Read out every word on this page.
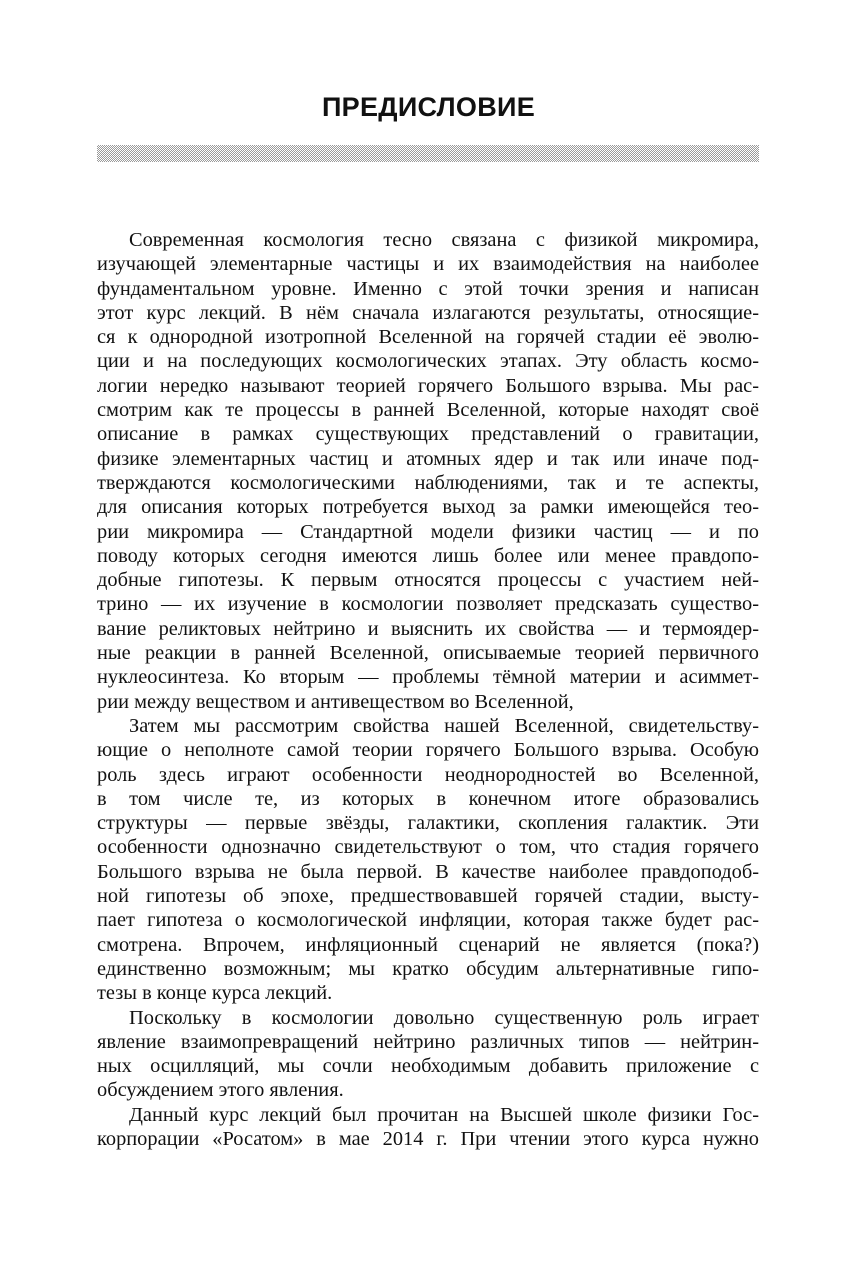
ПРЕДИСЛОВИЕ

Современная космология тесно связана с физикой микромира,
изучающей элементарные частицы и их взаимодействия на наиболее
фундаментальном уровне. Именно с этой точки зрения и написан
этот курс лекций. В нём сначала излагаются результаты, относящие-
ся к однородной изотропной Вселенной на горячей стадии её эволю-
ции и на последующих космологических этапах. Эту область космо-
логии нередко называют теорией горячего Большого взрыва. Мы рас-
смотрим как те процессы в ранней Вселенной, которые находят своё
описание в рамках существующих представлений о гравитации,
физике элементарных частиц и атомных ядер и так или иначе под-
тверждаются космологическими наблюдениями, так и те аспекты,
для описания которых потребуется выход за рамки имеющейся тео-
рии микромира — Стандартной модели физики частиц — и по
поводу которых сегодня имеются лишь более или менее правдопо-
добные гипотезы. К первым относятся процессы с участием ней-
трино — их изучение в космологии позволяет предсказать существо-
вание реликтовых нейтрино и выяснить их свойства — и термоядер-
ные реакции в ранней Вселенной, описываемые теорией первичного
нуклеосинтеза. Ко вторым — проблемы тёмной материи и асиммет-
рии между веществом и антивеществом во Вселенной,

Затем мы рассмотрим свойства нашей Вселенной, свидетельству-
ющие о неполноте самой теории горячего Большого взрыва. Особую
роль здесь играют особенности неоднородностей во Вселенной,
в том числе те, из которых в конечном итоге образовались
структуры — первые звёзды, галактики, скопления галактик. Эти
особенности однозначно свидетельствуют о том, что стадия горячего
Большого взрыва не была первой. В качестве наиболее правдоподоб-
ной гипотезы об эпохе, предшествовавшей горячей стадии, высту-
пает гипотеза о космологической инфляции, которая также будет рас-
смотрена. Впрочем, инфляционный сценарий не является (пока?)
единственно возможным; мы кратко обсудим альтернативные гипо-
тезы в конце курса лекций.

Поскольку в космологии довольно существенную роль играет
явление взаимопревращений нейтрино различных типов — нейтрин-
ных осцилляций, мы сочли необходимым добавить приложение с
обсуждением этого явления.

Данный курс лекций был прочитан на Высшей школе физики Гос-
корпорации «Росатом» в мае 2014 г. При чтении этого курса нужно
